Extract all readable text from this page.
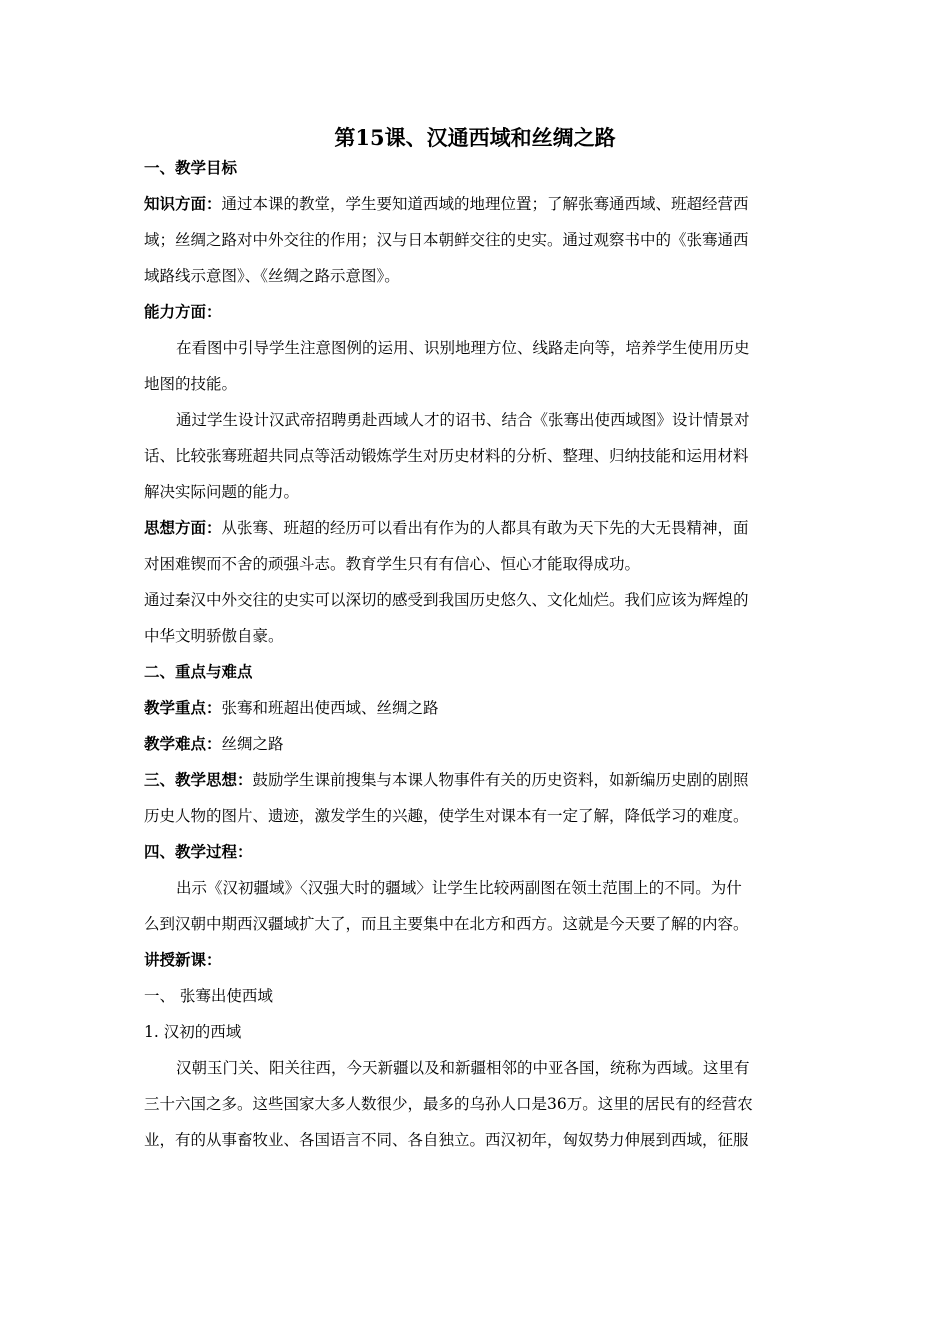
第15课、汉通西域和丝绸之路
一、教学目标
知识方面：通过本课的教堂，学生要知道西域的地理位置；了解张骞通西域、班超经营西
域；丝绸之路对中外交往的作用；汉与日本朝鲜交往的史实。通过观察书中的《张骞通西
域路线示意图》、《丝绸之路示意图》。
能力方面：
在看图中引导学生注意图例的运用、识别地理方位、线路走向等，培养学生使用历史
地图的技能。
通过学生设计汉武帝招聘勇赴西域人才的诏书、结合《张骞出使西域图》设计情景对
话、比较张骞班超共同点等活动锻炼学生对历史材料的分析、整理、归纳技能和运用材料
解决实际问题的能力。
思想方面：从张骞、班超的经历可以看出有作为的人都具有敢为天下先的大无畏精神，面
对困难锲而不舍的顽强斗志。教育学生只有有信心、恒心才能取得成功。
通过秦汉中外交往的史实可以深切的感受到我国历史悠久、文化灿烂。我们应该为辉煌的
中华文明骄傲自豪。
二、重点与难点
教学重点：张骞和班超出使西域、丝绸之路
教学难点：丝绸之路
三、教学思想：鼓励学生课前搜集与本课人物事件有关的历史资料，如新编历史剧的剧照
历史人物的图片、遗迹，激发学生的兴趣，使学生对课本有一定了解，降低学习的难度。
四、教学过程：
出示《汉初疆域》〈汉强大时的疆域〉让学生比较两副图在领土范围上的不同。为什
么到汉朝中期西汉疆域扩大了，而且主要集中在北方和西方。这就是今天要了解的内容。
讲授新课：
一、 张骞出使西域
1. 汉初的西域
汉朝玉门关、阳关往西，今天新疆以及和新疆相邻的中亚各国，统称为西域。这里有
三十六国之多。这些国家大多人数很少，最多的乌孙人口是36万。这里的居民有的经营农
业，有的从事畜牧业、各国语言不同、各自独立。西汉初年，匈奴势力伸展到西域，征服
